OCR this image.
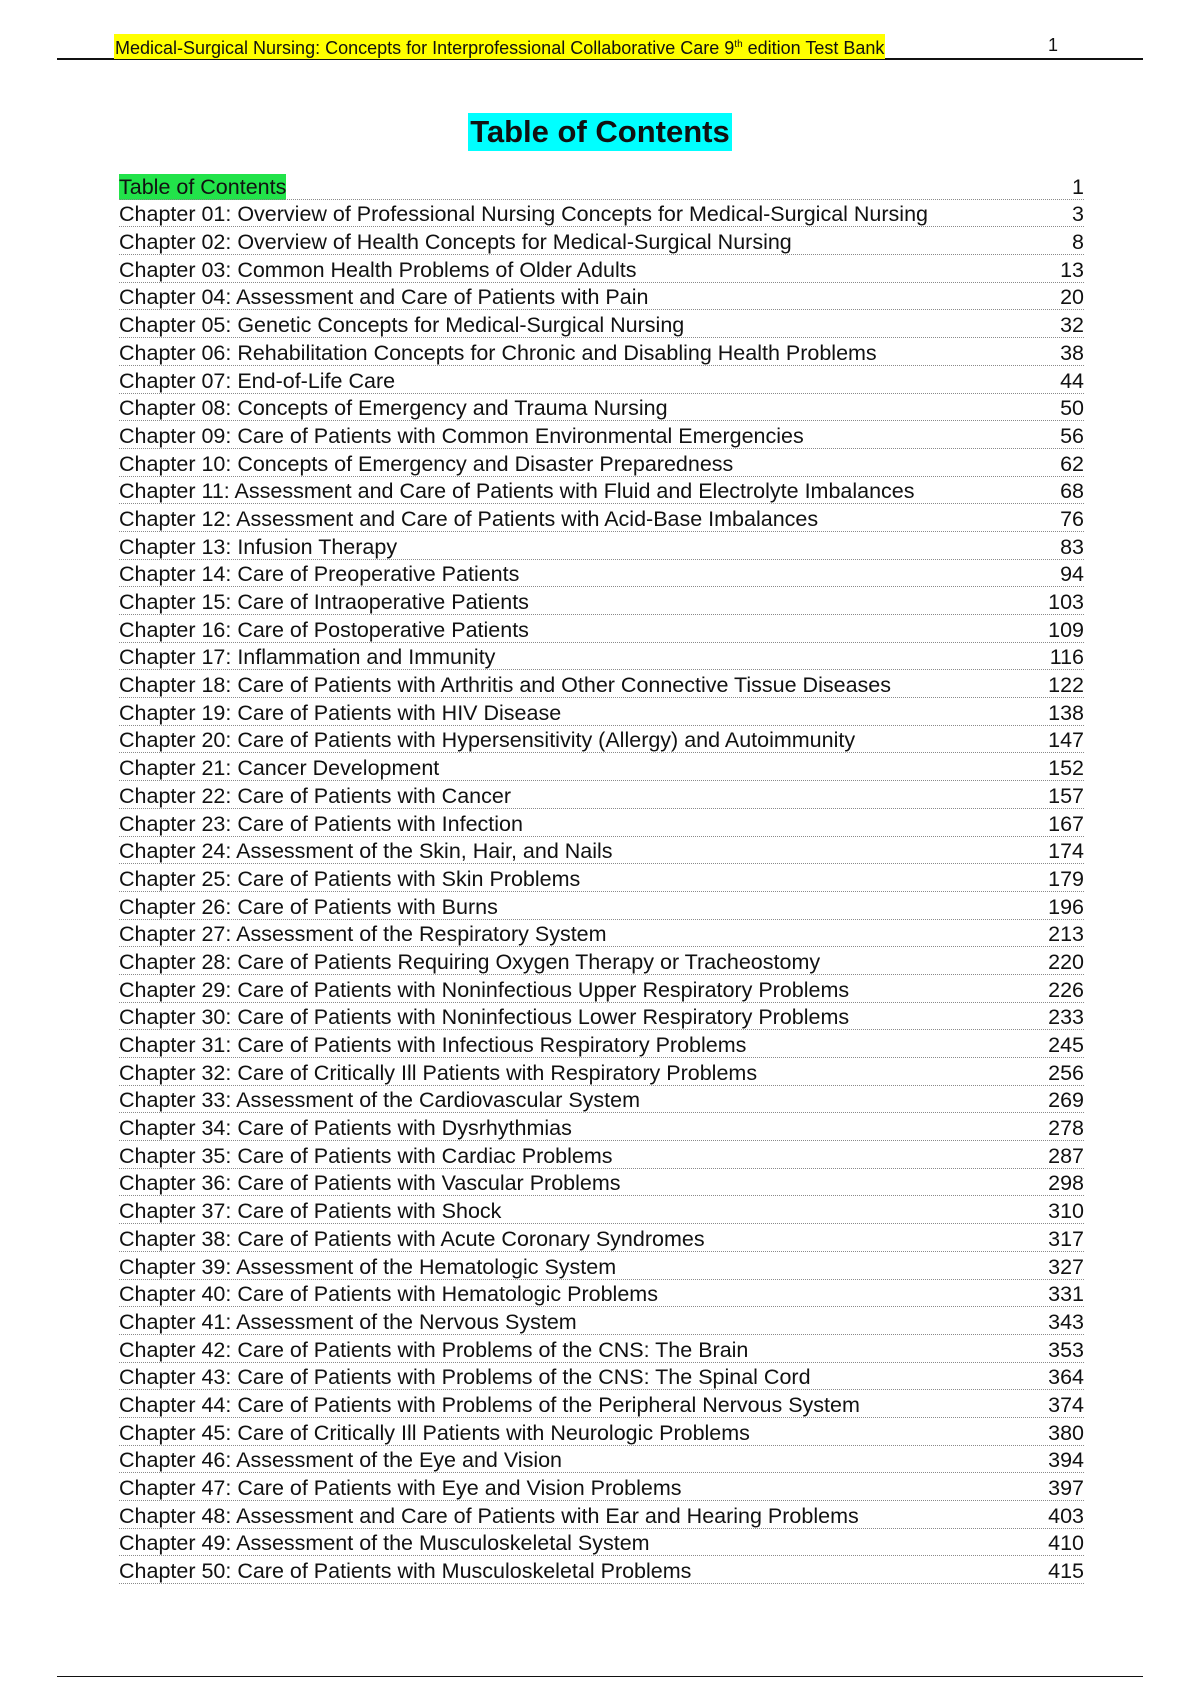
Medical-Surgical Nursing: Concepts for Interprofessional Collaborative Care 9th edition Test Bank	1
Table of Contents
Table of Contents	1
Chapter 01: Overview of Professional Nursing Concepts for Medical-Surgical Nursing	3
Chapter 02: Overview of Health Concepts for Medical-Surgical Nursing	8
Chapter 03: Common Health Problems of Older Adults	13
Chapter 04: Assessment and Care of Patients with Pain	20
Chapter 05: Genetic Concepts for Medical-Surgical Nursing	32
Chapter 06: Rehabilitation Concepts for Chronic and Disabling Health Problems	38
Chapter 07: End-of-Life Care	44
Chapter 08: Concepts of Emergency and Trauma Nursing	50
Chapter 09: Care of Patients with Common Environmental Emergencies	56
Chapter 10: Concepts of Emergency and Disaster Preparedness	62
Chapter 11: Assessment and Care of Patients with Fluid and Electrolyte Imbalances	68
Chapter 12: Assessment and Care of Patients with Acid-Base Imbalances	76
Chapter 13: Infusion Therapy	83
Chapter 14: Care of Preoperative Patients	94
Chapter 15: Care of Intraoperative Patients	103
Chapter 16: Care of Postoperative Patients	109
Chapter 17: Inflammation and Immunity	116
Chapter 18: Care of Patients with Arthritis and Other Connective Tissue Diseases	122
Chapter 19: Care of Patients with HIV Disease	138
Chapter 20: Care of Patients with Hypersensitivity (Allergy) and Autoimmunity	147
Chapter 21: Cancer Development	152
Chapter 22: Care of Patients with Cancer	157
Chapter 23: Care of Patients with Infection	167
Chapter 24: Assessment of the Skin, Hair, and Nails	174
Chapter 25: Care of Patients with Skin Problems	179
Chapter 26: Care of Patients with Burns	196
Chapter 27: Assessment of the Respiratory System	213
Chapter 28: Care of Patients Requiring Oxygen Therapy or Tracheostomy	220
Chapter 29: Care of Patients with Noninfectious Upper Respiratory Problems	226
Chapter 30: Care of Patients with Noninfectious Lower Respiratory Problems	233
Chapter 31: Care of Patients with Infectious Respiratory Problems	245
Chapter 32: Care of Critically Ill Patients with Respiratory Problems	256
Chapter 33: Assessment of the Cardiovascular System	269
Chapter 34: Care of Patients with Dysrhythmias	278
Chapter 35: Care of Patients with Cardiac Problems	287
Chapter 36: Care of Patients with Vascular Problems	298
Chapter 37: Care of Patients with Shock	310
Chapter 38: Care of Patients with Acute Coronary Syndromes	317
Chapter 39: Assessment of the Hematologic System	327
Chapter 40: Care of Patients with Hematologic Problems	331
Chapter 41: Assessment of the Nervous System	343
Chapter 42: Care of Patients with Problems of the CNS: The Brain	353
Chapter 43: Care of Patients with Problems of the CNS: The Spinal Cord	364
Chapter 44: Care of Patients with Problems of the Peripheral Nervous System	374
Chapter 45: Care of Critically Ill Patients with Neurologic Problems	380
Chapter 46: Assessment of the Eye and Vision	394
Chapter 47: Care of Patients with Eye and Vision Problems	397
Chapter 48: Assessment and Care of Patients with Ear and Hearing Problems	403
Chapter 49: Assessment of the Musculoskeletal System	410
Chapter 50: Care of Patients with Musculoskeletal Problems	415
